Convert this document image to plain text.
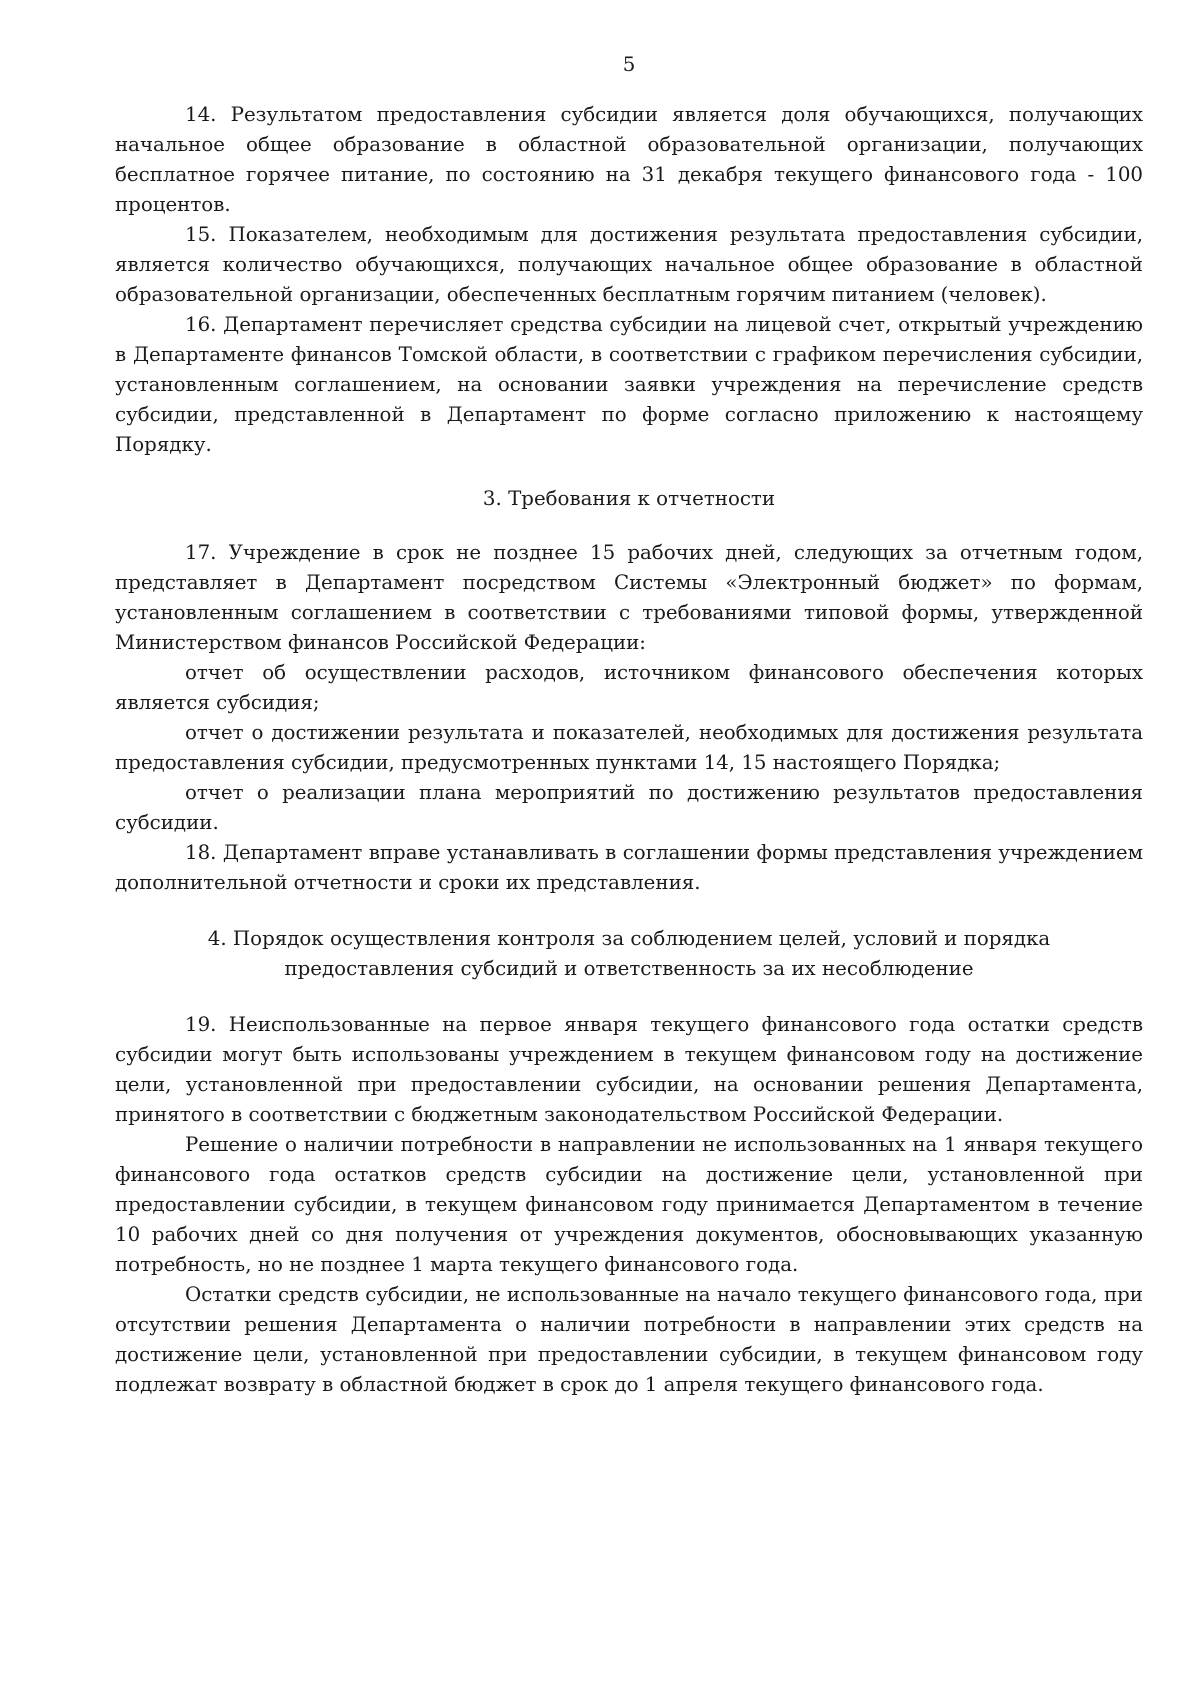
5

14. Результатом предоставления субсидии является доля обучающихся, получающих начальное общее образование в областной образовательной организации, получающих бесплатное горячее питание, по состоянию на 31 декабря текущего финансового года - 100 процентов.

15. Показателем, необходимым для достижения результата предоставления субсидии, является количество обучающихся, получающих начальное общее образование в областной образовательной организации, обеспеченных бесплатным горячим питанием (человек).

16. Департамент перечисляет средства субсидии на лицевой счет, открытый учреждению в Департаменте финансов Томской области, в соответствии с графиком перечисления субсидии, установленным соглашением, на основании заявки учреждения на перечисление средств субсидии, представленной в Департамент по форме согласно приложению к настоящему Порядку.

3. Требования к отчетности

17. Учреждение в срок не позднее 15 рабочих дней, следующих за отчетным годом, представляет в Департамент посредством Системы «Электронный бюджет» по формам, установленным соглашением в соответствии с требованиями типовой формы, утвержденной Министерством финансов Российской Федерации:

отчет об осуществлении расходов, источником финансового обеспечения которых является субсидия;

отчет о достижении результата и показателей, необходимых для достижения результата предоставления субсидии, предусмотренных пунктами 14, 15 настоящего Порядка;

отчет о реализации плана мероприятий по достижению результатов предоставления субсидии.

18. Департамент вправе устанавливать в соглашении формы представления учреждением дополнительной отчетности и сроки их представления.

4. Порядок осуществления контроля за соблюдением целей, условий и порядка предоставления субсидий и ответственность за их несоблюдение

19. Неиспользованные на первое января текущего финансового года остатки средств субсидии могут быть использованы учреждением в текущем финансовом году на достижение цели, установленной при предоставлении субсидии, на основании решения Департамента, принятого в соответствии с бюджетным законодательством Российской Федерации.

Решение о наличии потребности в направлении не использованных на 1 января текущего финансового года остатков средств субсидии на достижение цели, установленной при предоставлении субсидии, в текущем финансовом году принимается Департаментом в течение 10 рабочих дней со дня получения от учреждения документов, обосновывающих указанную потребность, но не позднее 1 марта текущего финансового года.

Остатки средств субсидии, не использованные на начало текущего финансового года, при отсутствии решения Департамента о наличии потребности в направлении этих средств на достижение цели, установленной при предоставлении субсидии, в текущем финансовом году подлежат возврату в областной бюджет в срок до 1 апреля текущего финансового года.
